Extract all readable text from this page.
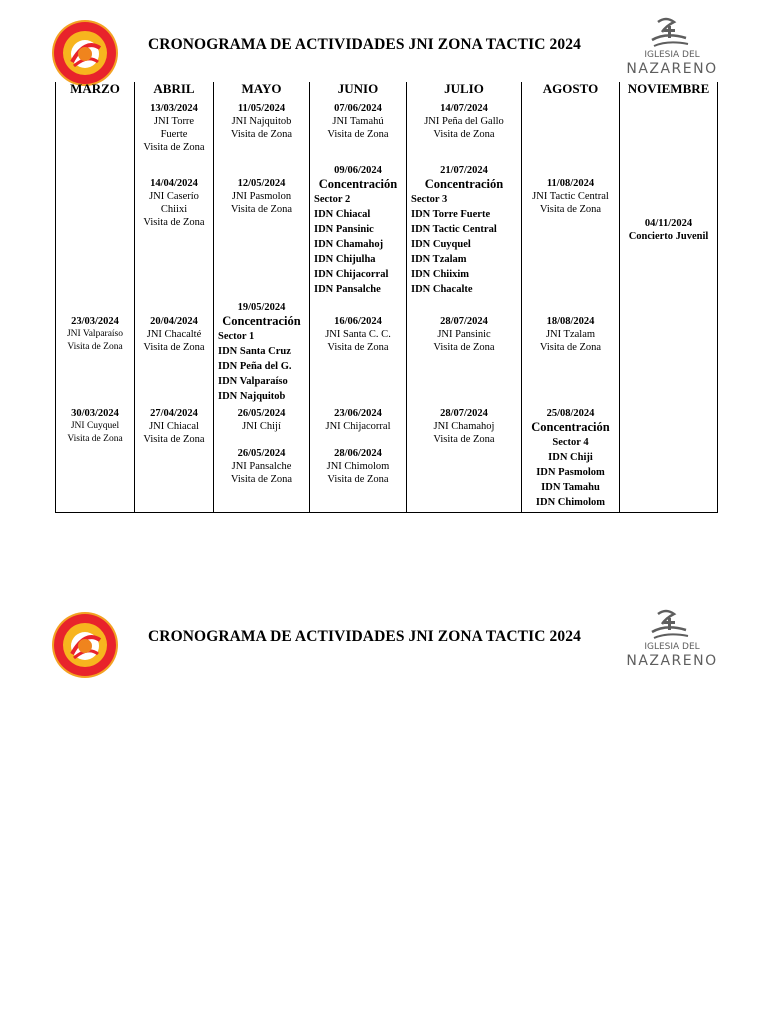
CRONOGRAMA DE ACTIVIDADES JNI ZONA TACTIC 2024
IGLESIA DEL
NAZARENO
MARZO
23/03/2024
JNI Valparaíso
Visita de Zona
30/03/2024
JNI Cuyquel
Visita de Zona
ABRIL
13/03/2024
JNI Torre
Fuerte
Visita de Zona
14/04/2024
JNI Caserío
Chiixi
Visita de Zona
20/04/2024
JNI Chacalté
Visita de Zona
27/04/2024
JNI Chiacal
Visita de Zona
MAYO
11/05/2024
JNI Najquitob
Visita de Zona
12/05/2024
JNI Pasmolon
Visita de Zona
19/05/2024
Concentración
Sector 1
IDN Santa Cruz
IDN Peña del G.
IDN Valparaíso
IDN Najquitob
26/05/2024
JNI Chijí
26/05/2024
JNI Pansalche
Visita de Zona
JUNIO
07/06/2024
JNI Tamahú
Visita de Zona
09/06/2024
Concentración
Sector 2
IDN Chiacal
IDN Pansinic
IDN Chamahoj
IDN Chijulha
IDN Chijacorral
IDN Pansalche
16/06/2024
JNI Santa C. C.
Visita de Zona
23/06/2024
JNI Chijacorral
28/06/2024
JNI Chimolom
Visita de Zona
JULIO
14/07/2024
JNI Peña del Gallo
Visita de Zona
21/07/2024
Concentración
Sector 3
IDN Torre Fuerte
IDN Tactic Central
IDN Cuyquel
IDN Tzalam
IDN Chiixim
IDN Chacalte
28/07/2024
JNI Pansinic
Visita de Zona
28/07/2024
JNI Chamahoj
Visita de Zona
AGOSTO
11/08/2024
JNI Tactic Central
Visita de Zona
18/08/2024
JNI Tzalam
Visita de Zona
25/08/2024
Concentración
Sector 4
IDN Chiji
IDN Pasmolom
IDN Tamahu
IDN Chimolom
NOVIEMBRE
04/11/2024
Concierto Juvenil
CRONOGRAMA DE ACTIVIDADES JNI ZONA TACTIC 2024
IGLESIA DEL
NAZARENO
